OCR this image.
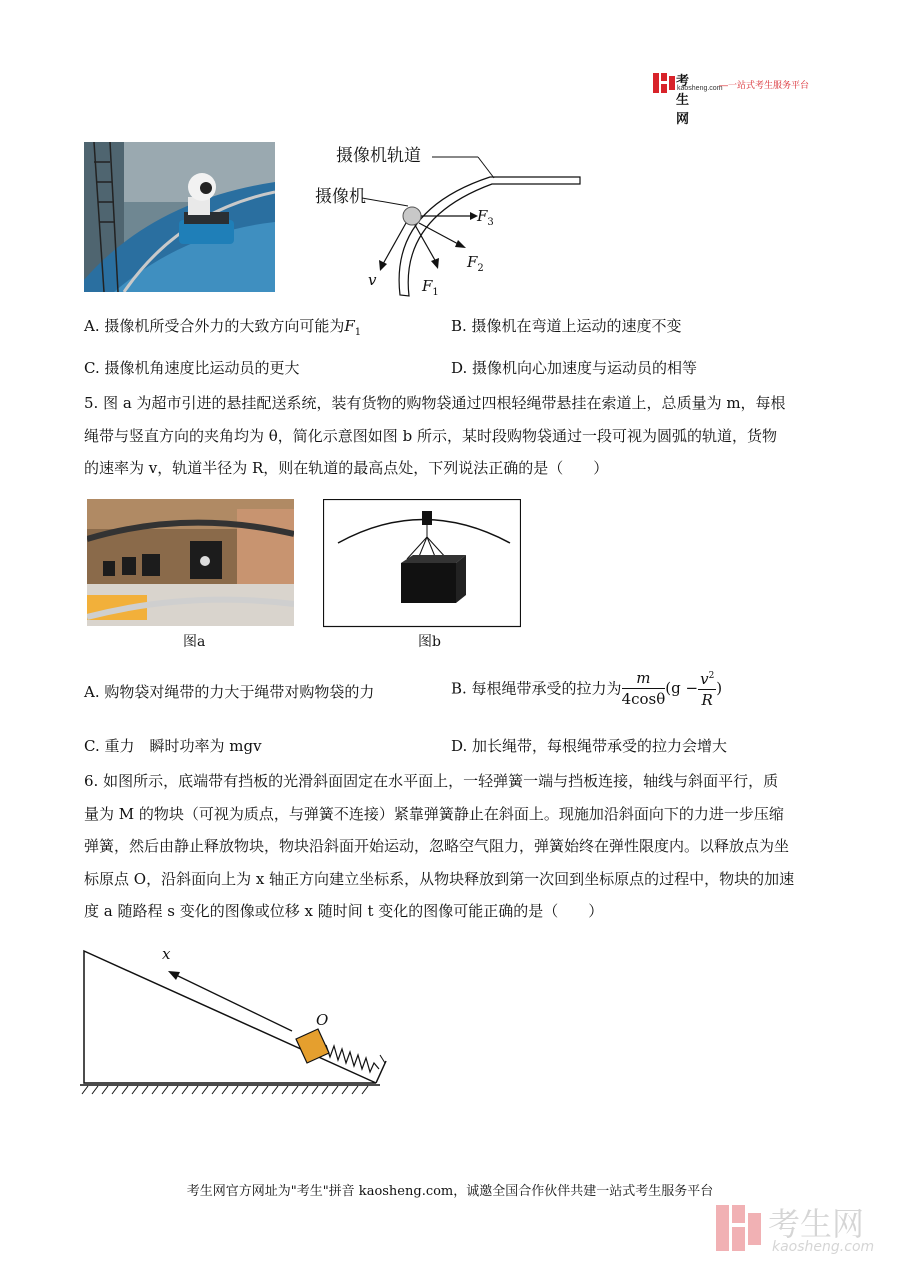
考生网
kaosheng.com
—一站式考生服务平台
摄像机轨道
摄像机
$F_3$
$F_2$
$F_1$
v
A. 摄像机所受合外力的大致方向可能为$F_1$	B. 摄像机在弯道上运动的速度不变
C. 摄像机角速度比运动员的更大	D. 摄像机向心加速度与运动员的相等

5. 图 a 为超市引进的悬挂配送系统，装有货物的购物袋通过四根轻绳带悬挂在索道上，总质量为 m，每根

绳带与竖直方向的夹角均为 θ，简化示意图如图 b 所示，某时段购物袋通过一段可视为圆弧的轨道，货物

的速率为 v，轨道半径为 R，则在轨道的最高点处，下列说法正确的是（　　）

图a	图b
A. 购物袋对绳带的力大于绳带对购物袋的力	B. 每根绳带承受的拉力为 $\frac{m}{4\cos\theta} (g - \frac{v^2}{R}$ )
C. 重力　瞬时功率为 mgv	D. 加长绳带，每根绳带承受的拉力会增大

6. 如图所示，底端带有挡板的光滑斜面固定在水平面上，一轻弹簧一端与挡板连接，轴线与斜面平行，质

量为 M 的物块（可视为质点，与弹簧不连接）紧靠弹簧静止在斜面上。现施加沿斜面向下的力进一步压缩

弹簧，然后由静止释放物块，物块沿斜面开始运动，忽略空气阻力，弹簧始终在弹性限度内。以释放点为坐

标原点 O，沿斜面向上为 x 轴正方向建立坐标系，从物块释放到第一次回到坐标原点的过程中，物块的加速

度 a 随路程 s 变化的图像或位移 x 随时间 t 变化的图像可能正确的是（　　）

x
O
考生网官方网址为"考生"拼音 kaosheng.com，诚邀全国合作伙伴共建一站式考生服务平台
考生网
kaosheng.com
